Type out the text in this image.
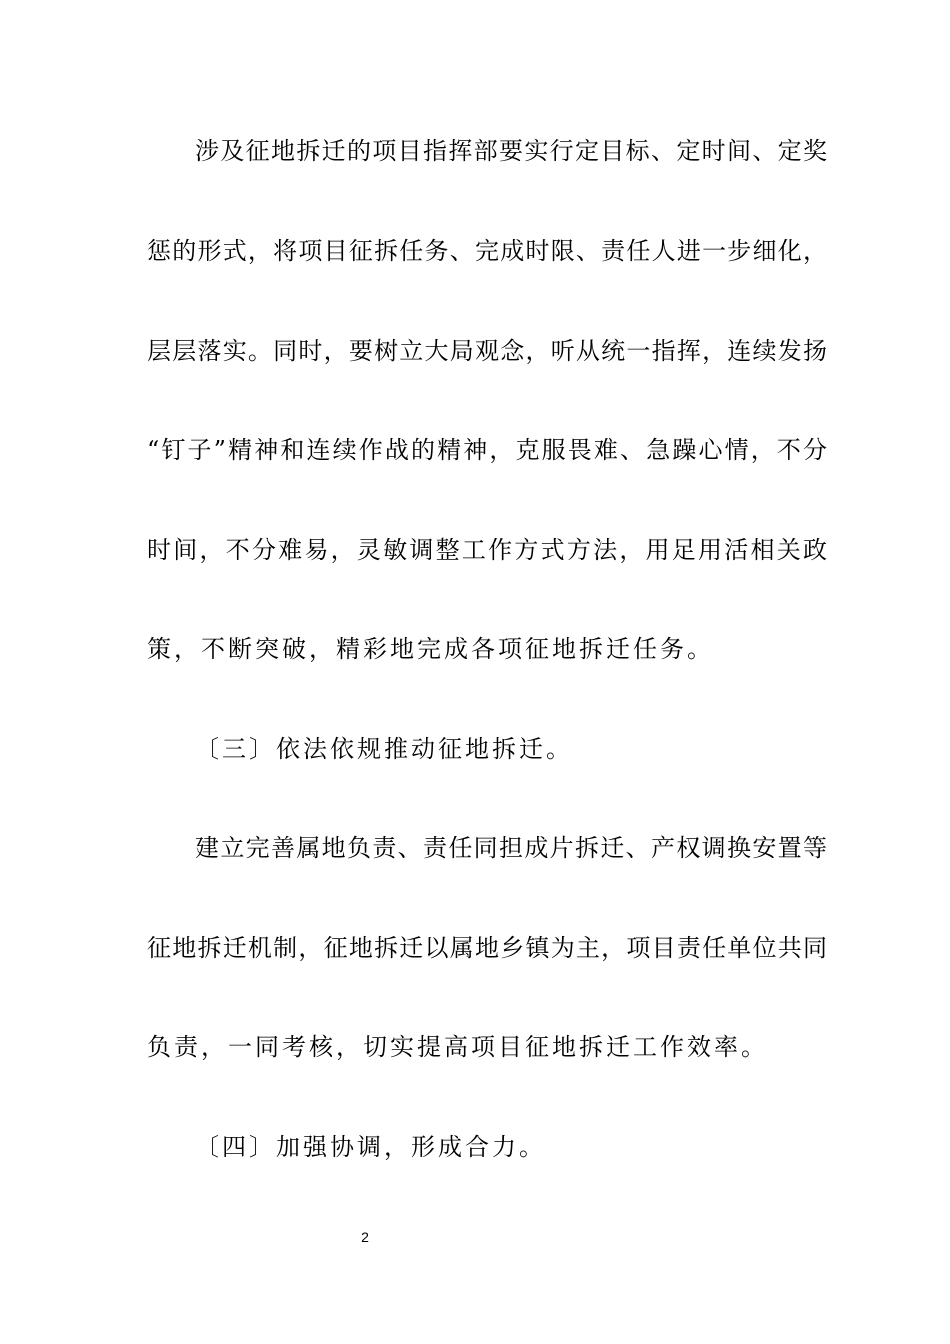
涉及征地拆迁的项目指挥部要实行定目标、定时间、定奖
惩的形式，将项目征拆任务、完成时限、责任人进一步细化，
层层落实。同时，要树立大局观念，听从统一指挥，连续发扬
“钉子”精神和连续作战的精神，克服畏难、急躁心情，不分
时间，不分难易，灵敏调整工作方式方法，用足用活相关政
策，不断突破，精彩地完成各项征地拆迁任务。
〔三〕依法依规推动征地拆迁。
建立完善属地负责、责任同担成片拆迁、产权调换安置等
征地拆迁机制，征地拆迁以属地乡镇为主，项目责任单位共同
负责，一同考核，切实提高项目征地拆迁工作效率。
〔四〕加强协调，形成合力。
2
